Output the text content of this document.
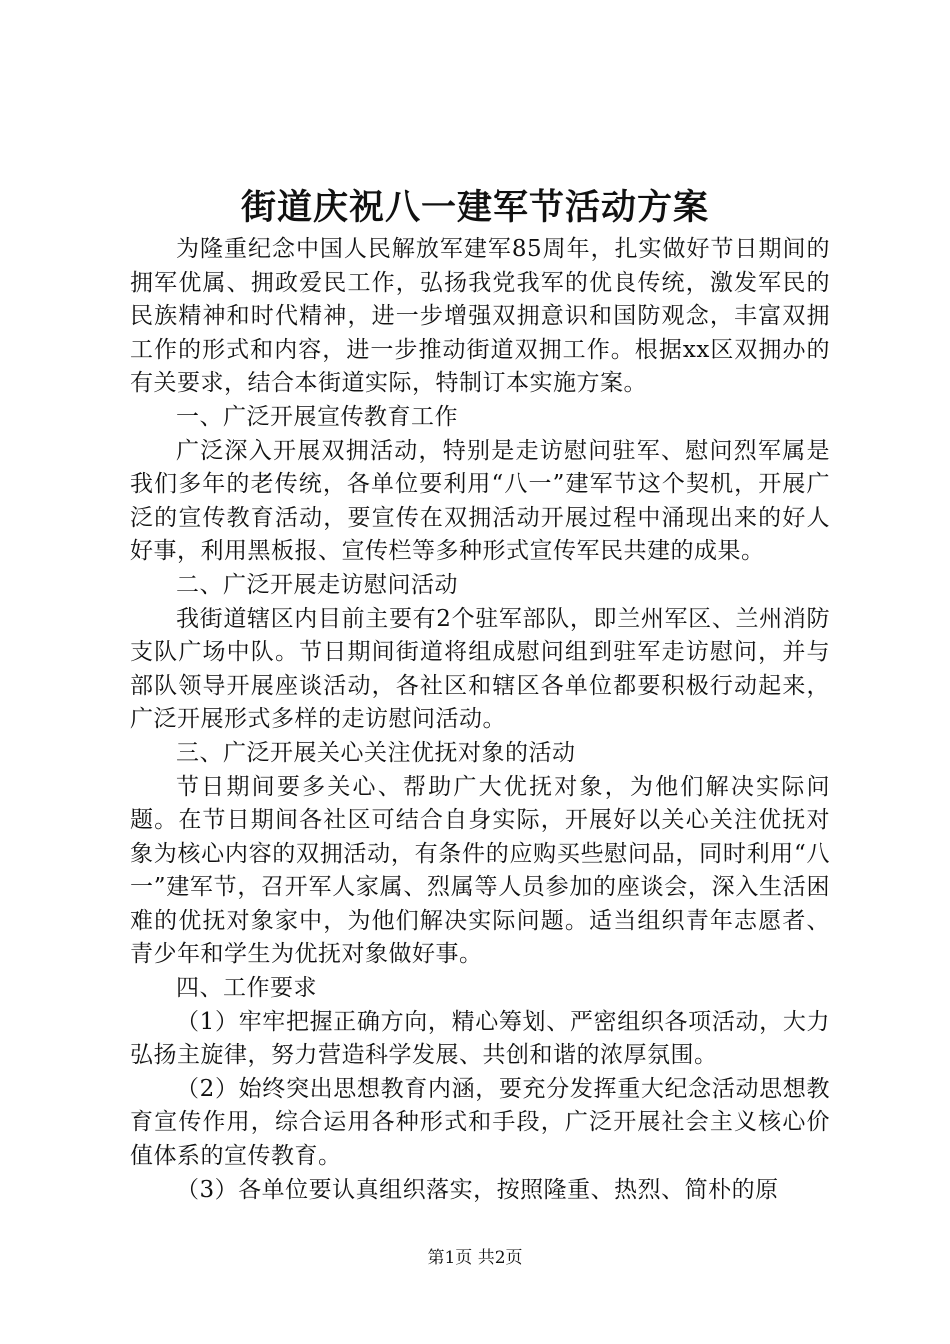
街道庆祝八一建军节活动方案

为隆重纪念中国人民解放军建军85周年，扎实做好节日期间的拥军优属、拥政爱民工作，弘扬我党我军的优良传统，激发军民的民族精神和时代精神，进一步增强双拥意识和国防观念，丰富双拥工作的形式和内容，进一步推动街道双拥工作。根据xx区双拥办的有关要求，结合本街道实际，特制订本实施方案。

一、广泛开展宣传教育工作

广泛深入开展双拥活动，特别是走访慰问驻军、慰问烈军属是我们多年的老传统，各单位要利用“八一”建军节这个契机，开展广泛的宣传教育活动，要宣传在双拥活动开展过程中涌现出来的好人好事，利用黑板报、宣传栏等多种形式宣传军民共建的成果。

二、广泛开展走访慰问活动

我街道辖区内目前主要有2个驻军部队，即兰州军区、兰州消防支队广场中队。节日期间街道将组成慰问组到驻军走访慰问，并与部队领导开展座谈活动，各社区和辖区各单位都要积极行动起来，广泛开展形式多样的走访慰问活动。

三、广泛开展关心关注优抚对象的活动

节日期间要多关心、帮助广大优抚对象，为他们解决实际问题。在节日期间各社区可结合自身实际，开展好以关心关注优抚对象为核心内容的双拥活动，有条件的应购买些慰问品，同时利用“八一”建军节，召开军人家属、烈属等人员参加的座谈会，深入生活困难的优抚对象家中，为他们解决实际问题。适当组织青年志愿者、青少年和学生为优抚对象做好事。

四、工作要求

（1）牢牢把握正确方向，精心筹划、严密组织各项活动，大力弘扬主旋律，努力营造科学发展、共创和谐的浓厚氛围。

（2）始终突出思想教育内涵，要充分发挥重大纪念活动思想教育宣传作用，综合运用各种形式和手段，广泛开展社会主义核心价值体系的宣传教育。

（3）各单位要认真组织落实，按照隆重、热烈、简朴的原

第1页 共2页
